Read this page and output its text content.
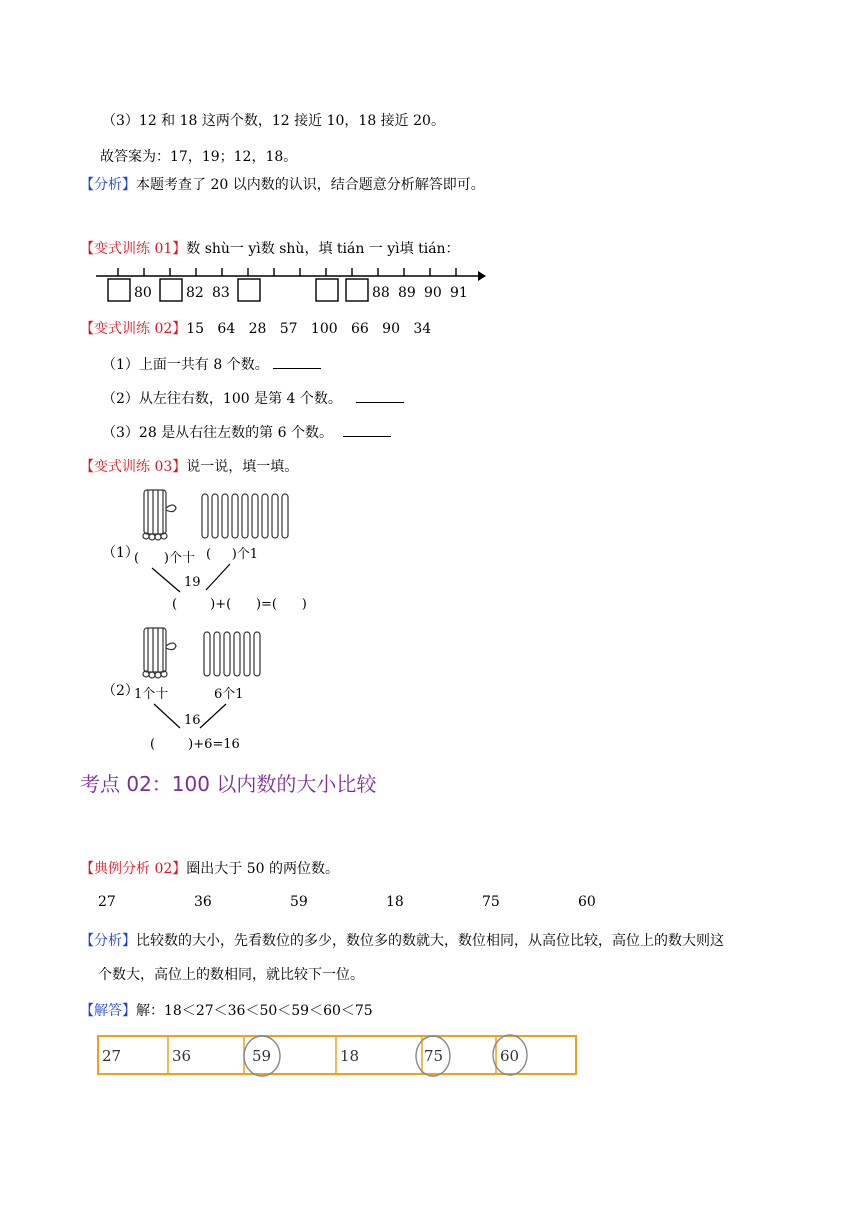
（3）12 和 18 这两个数，12 接近 10，18 接近 20。
故答案为：17，19；12，18。
【分析】本题考查了 20 以内数的认识，结合题意分析解答即可。
【变式训练 01】数 shù一 yì数 shù，填 tián 一 yì填 tián：
80 82 83	88 89 90 91
【变式训练 02】15   64   28   57   100   66   90   34
（1）上面一共有 8 个数。
（2）从左往右数，100 是第 4 个数。
（3）28 是从右往左数的第 6 个数。
【变式训练 03】说一说，填一填。
（1）
(      )个十 (     )个1
19
(        )+(      )=(      )
（2）
1个十	6个1
16
(        )+6=16
考点 02：100 以内数的大小比较
【典例分析 02】圈出大于 50 的两位数。
27	36	59	18	75	60
【分析】比较数的大小，先看数位的多少，数位多的数就大，数位相同，从高位比较，高位上的数大则这
个数大，高位上的数相同，就比较下一位。
【解答】解：18＜27＜36＜50＜59＜60＜75
27	36	59	18	75	60
